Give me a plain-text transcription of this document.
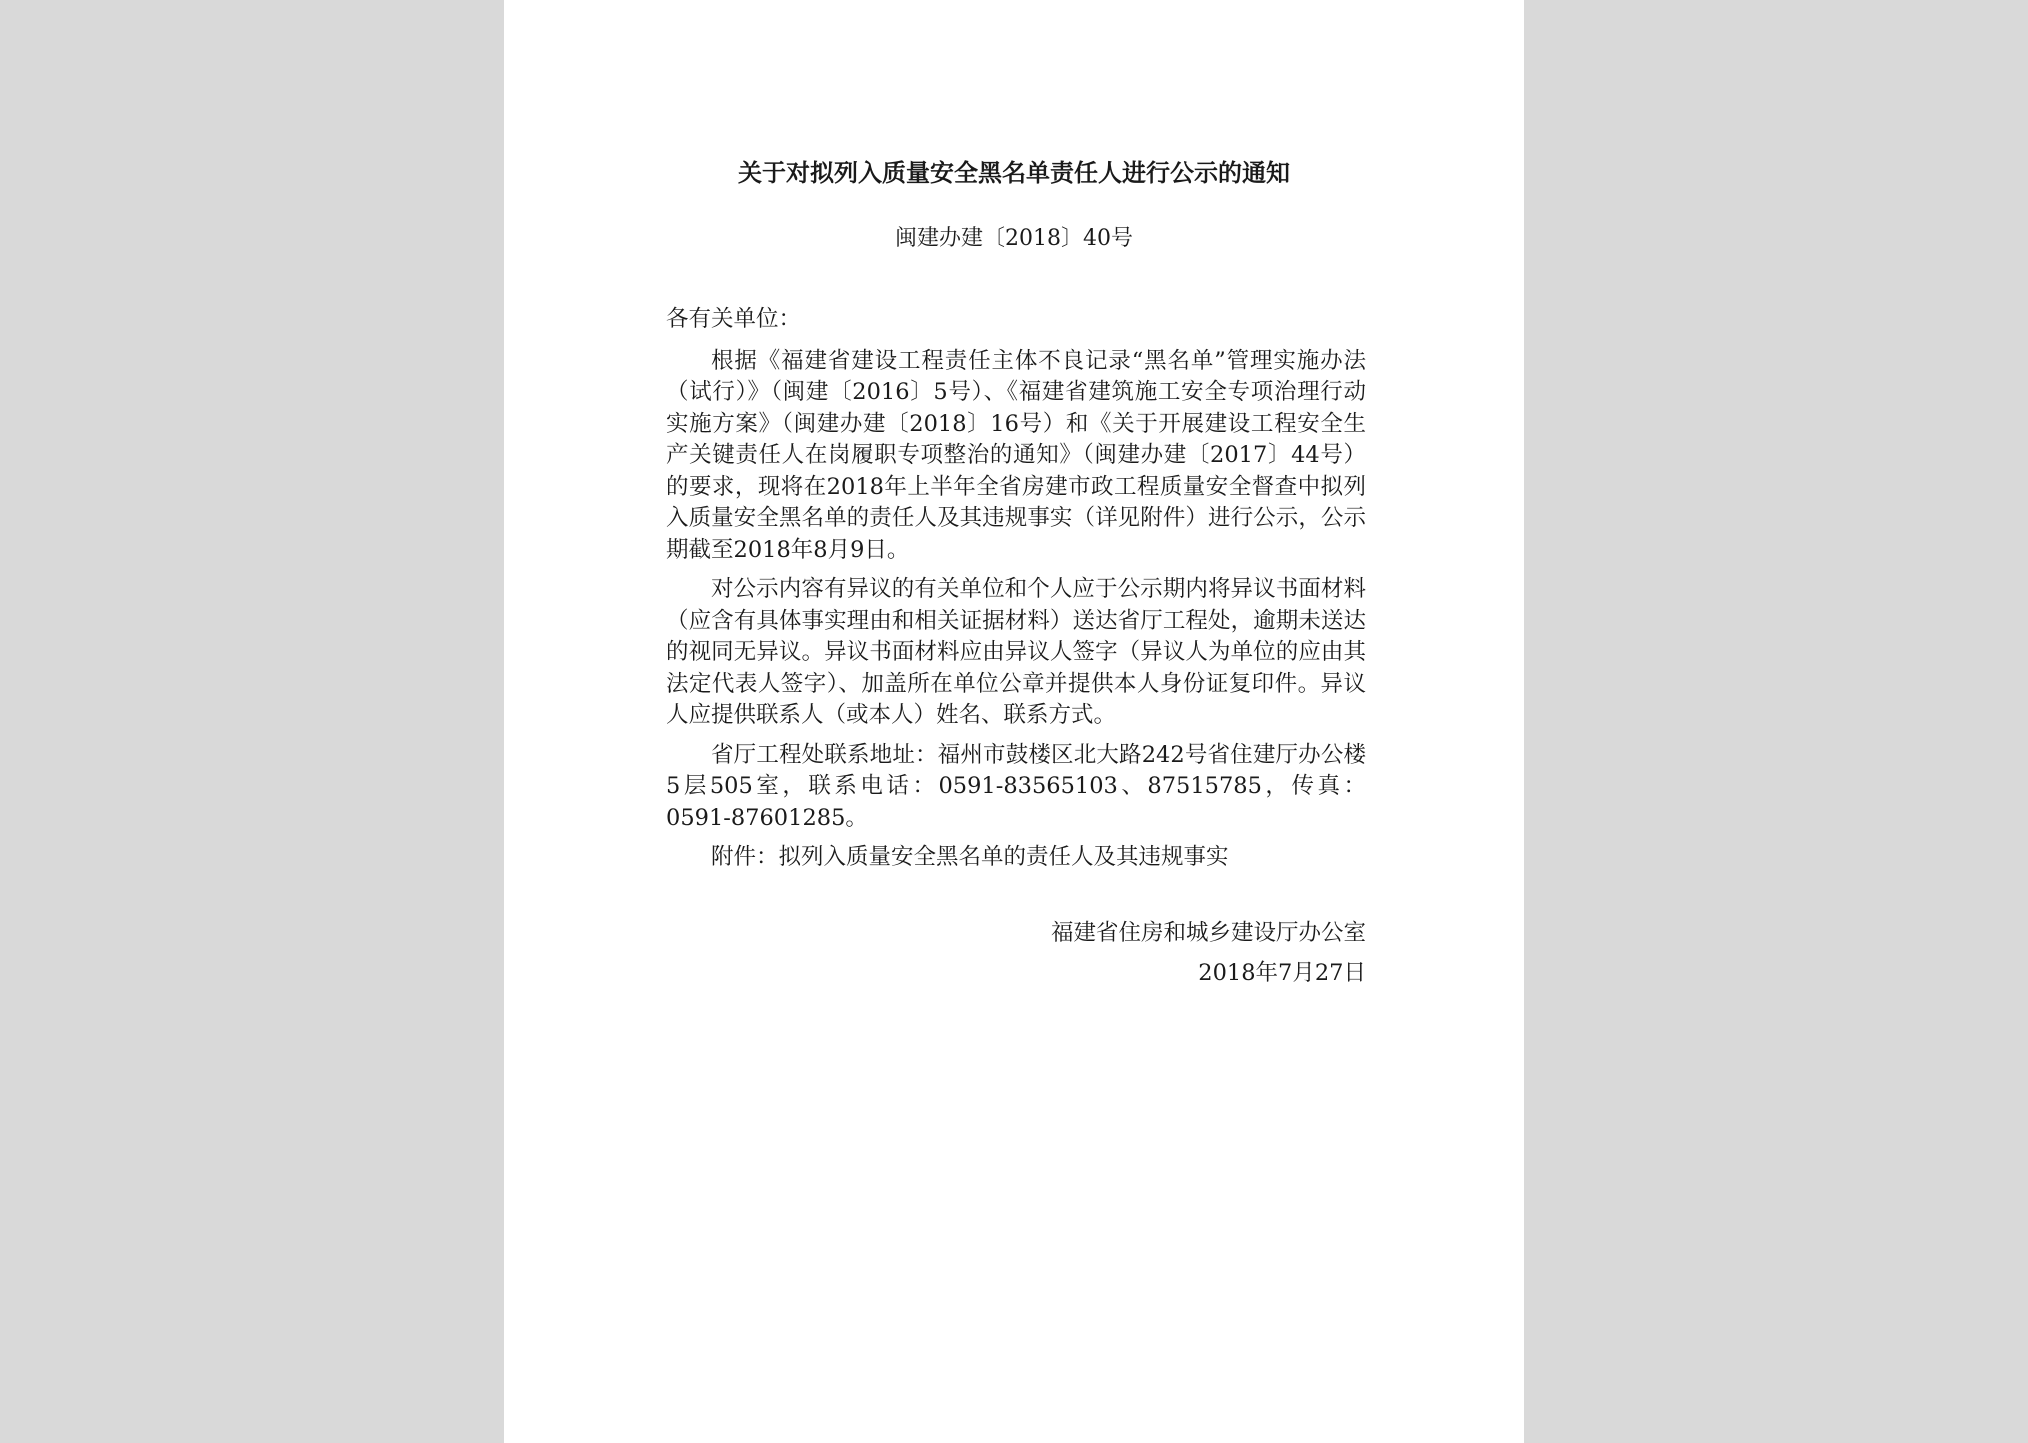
关于对拟列入质量安全黑名单责任人进行公示的通知
闽建办建〔2018〕40号

各有关单位：

根据《福建省建设工程责任主体不良记录“黑名单”管理实施办法（试行）》（闽建〔2016〕5号）、《福建省建筑施工安全专项治理行动实施方案》（闽建办建〔2018〕16号）和《关于开展建设工程安全生产关键责任人在岗履职专项整治的通知》（闽建办建〔2017〕44号）的要求，现将在2018年上半年全省房建市政工程质量安全督查中拟列入质量安全黑名单的责任人及其违规事实（详见附件）进行公示，公示期截至2018年8月9日。

对公示内容有异议的有关单位和个人应于公示期内将异议书面材料（应含有具体事实理由和相关证据材料）送达省厅工程处，逾期未送达的视同无异议。异议书面材料应由异议人签字（异议人为单位的应由其法定代表人签字）、加盖所在单位公章并提供本人身份证复印件。异议人应提供联系人（或本人）姓名、联系方式。

省厅工程处联系地址：福州市鼓楼区北大路242号省住建厅办公楼5层505室，联系电话：0591-83565103、87515785，传真：0591-87601285。

附件：拟列入质量安全黑名单的责任人及其违规事实

福建省住房和城乡建设厅办公室
2018年7月27日
